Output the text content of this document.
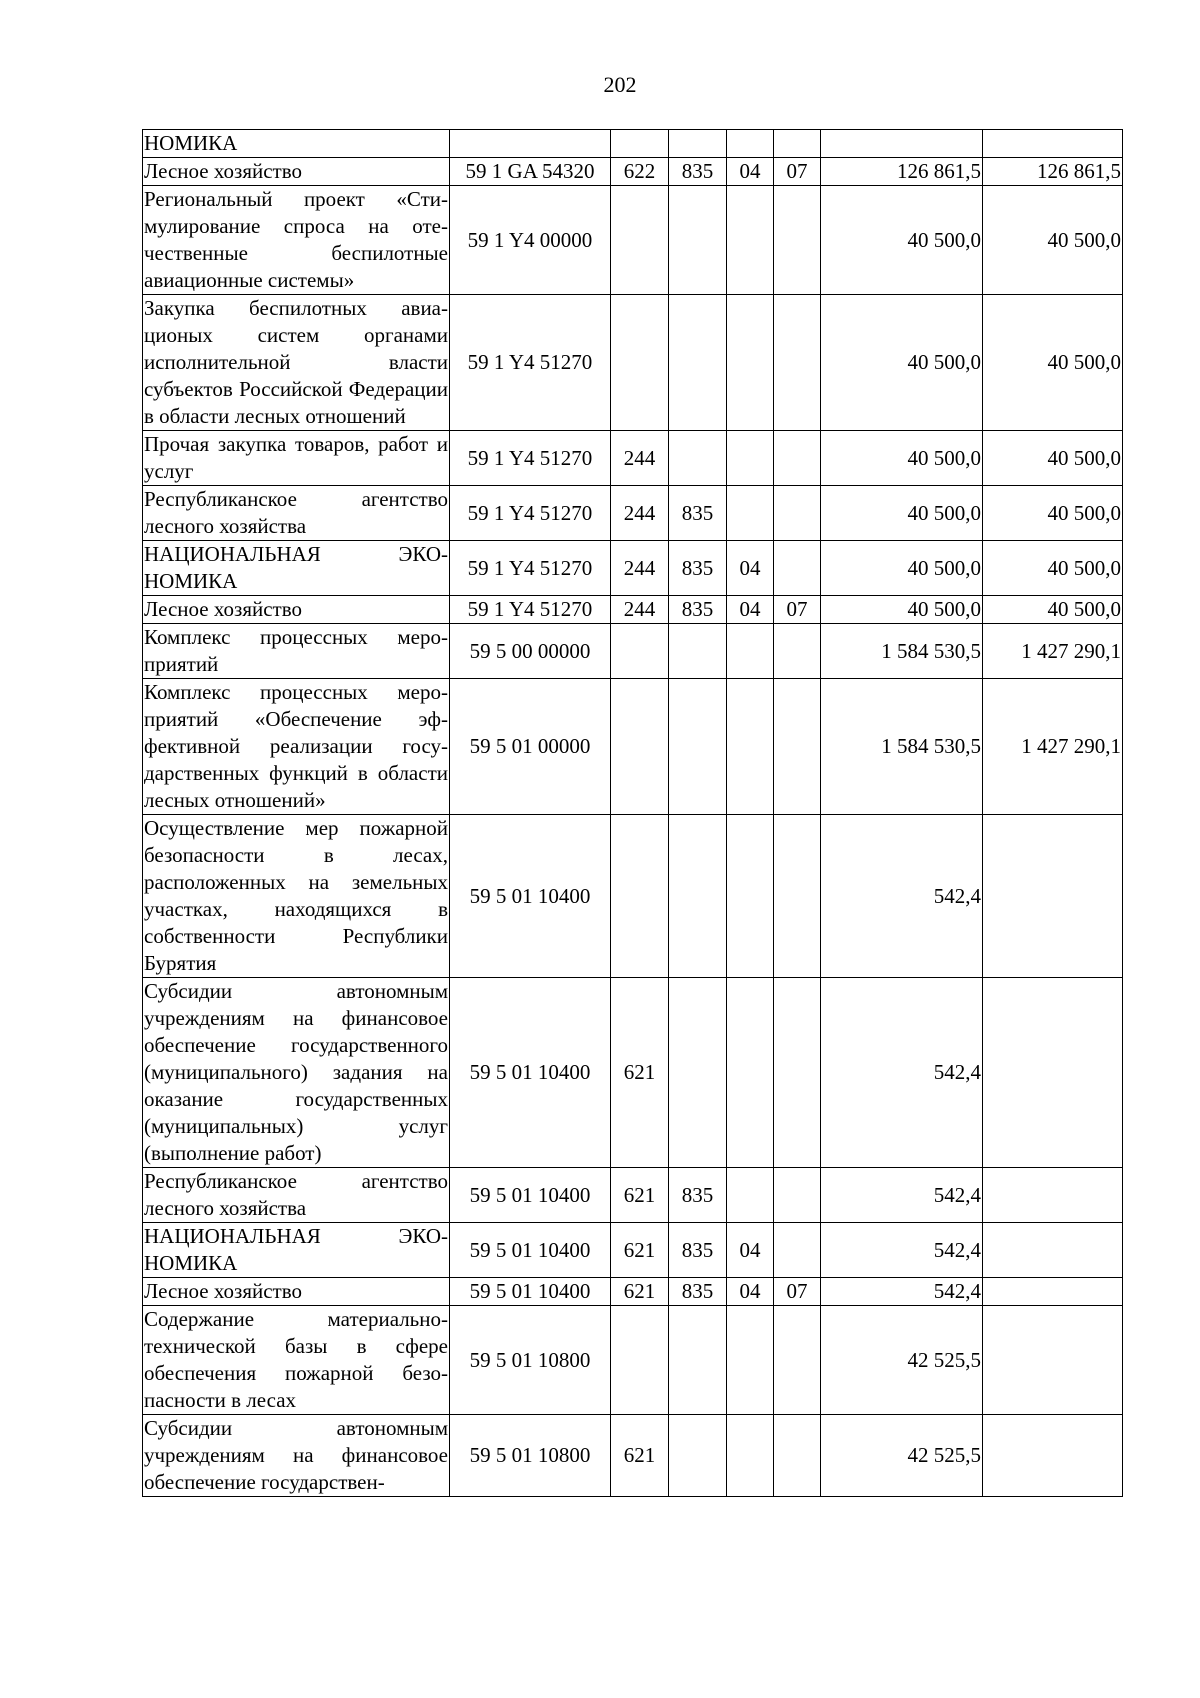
202
НОМИКА							
Лесное хозяйство	59 1 GA 54320	622	835	04	07	126 861,5	126 861,5
Региональный проект «Стимулирование спроса на отечественные беспилотные авиационные системы»	59 1 Y4 00000					40 500,0	40 500,0
Закупка беспилотных авиационых систем органами исполнительной власти субъектов Российской Федерации в области лесных отношений	59 1 Y4 51270					40 500,0	40 500,0
Прочая закупка товаров, работ и услуг	59 1 Y4 51270	244				40 500,0	40 500,0
Республиканское агентство лесного хозяйства	59 1 Y4 51270	244	835			40 500,0	40 500,0
НАЦИОНАЛЬНАЯ ЭКОНОМИКА	59 1 Y4 51270	244	835	04		40 500,0	40 500,0
Лесное хозяйство	59 1 Y4 51270	244	835	04	07	40 500,0	40 500,0
Комплекс процессных мероприятий	59 5 00 00000					1 584 530,5	1 427 290,1
Комплекс процессных мероприятий «Обеспечение эффективной реализации государственных функций в области лесных отношений»	59 5 01 00000					1 584 530,5	1 427 290,1
Осуществление мер пожарной безопасности в лесах, расположенных на земельных участках, находящихся в собственности Республики Бурятия	59 5 01 10400					542,4	
Субсидии автономным учреждениям на финансовое обеспечение государственного (муниципального) задания на оказание государственных (муниципальных) услуг (выполнение работ)	59 5 01 10400	621				542,4	
Республиканское агентство лесного хозяйства	59 5 01 10400	621	835			542,4	
НАЦИОНАЛЬНАЯ ЭКОНОМИКА	59 5 01 10400	621	835	04		542,4	
Лесное хозяйство	59 5 01 10400	621	835	04	07	542,4	
Содержание материально-технической базы в сфере обеспечения пожарной безопасности в лесах	59 5 01 10800					42 525,5	
Субсидии автономным учреждениям на финансовое обеспечение государствен-	59 5 01 10800	621				42 525,5	
